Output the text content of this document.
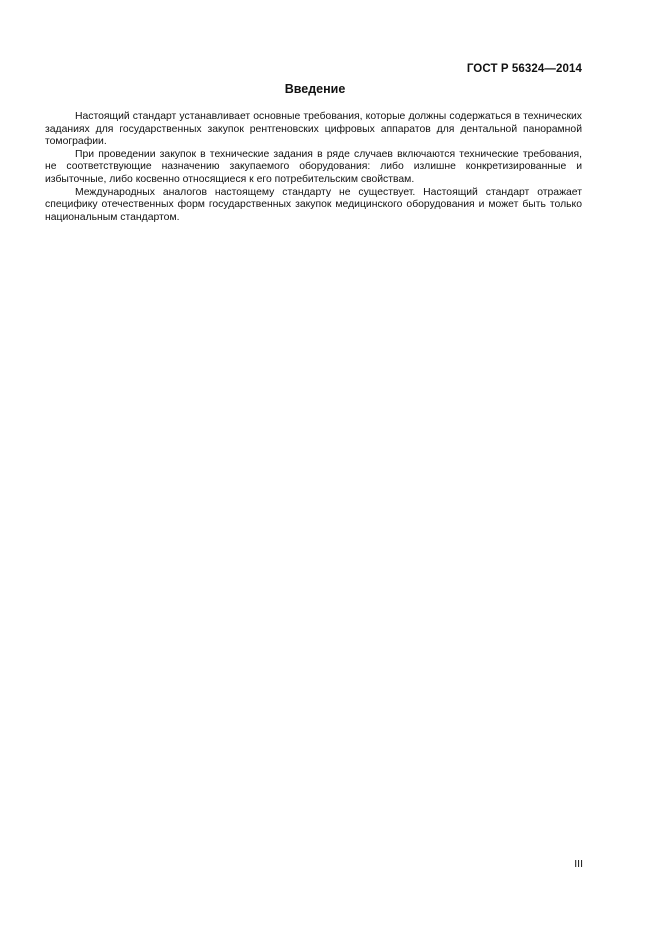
ГОСТ Р 56324—2014
Введение

Настоящий стандарт устанавливает основные требования, которые должны содержаться в технических заданиях для государственных закупок рентгеновских цифровых аппаратов для дентальной панорамной томографии.

При проведении закупок в технические задания в ряде случаев включаются технические требования, не соответствующие назначению закупаемого оборудования: либо излишне конкретизированные и избыточные, либо косвенно относящиеся к его потребительским свойствам.

Международных аналогов настоящему стандарту не существует. Настоящий стандарт отражает специфику отечественных форм государственных закупок медицинского оборудования и может быть только национальным стандартом.

III
